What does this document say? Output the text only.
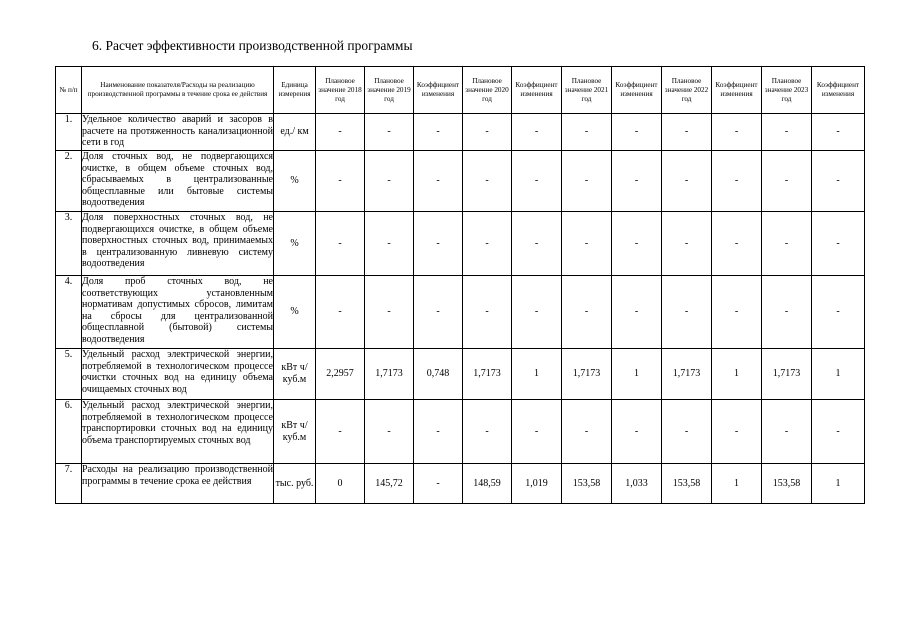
6. Расчет эффективности производственной программы
№ п/п	Наименование показателя/Расходы на реализацию производственной программы в течение срока ее действия	Единица измерения	Плановое значение 2018 год	Плановое значение 2019 год	Коэффициент изменения	Плановое значение 2020 год	Коэффициент изменения	Плановое значение 2021 год	Коэффициент изменения	Плановое значение 2022 год	Коэффициент изменения	Плановое значение 2023 год	Коэффициент изменения

1.	Удельное количество аварий и засоров в расчете на протяженность канализационной сети в год	ед./ км	-	-	-	-	-	-	-	-	-	-	-
2.	Доля сточных вод, не подвергающихся очистке, в общем объеме сточных вод, сбрасываемых в централизованные общесплавные или бытовые системы водоотведения	%	-	-	-	-	-	-	-	-	-	-	-
3.	Доля поверхностных сточных вод, не подвергающихся очистке, в общем объеме поверхностных сточных вод, принимаемых в централизованную ливневую систему водоотведения	%	-	-	-	-	-	-	-	-	-	-	-
4.	Доля проб сточных вод, не соответствующих установленным нормативам допустимых сбросов, лимитам на сбросы для централизованной общесплавной (бытовой) системы водоотведения	%	-	-	-	-	-	-	-	-	-	-	-
5.	Удельный расход электрической энергии, потребляемой в технологическом процессе очистки сточных вод на единицу объема очищаемых сточных вод	кВт ч/куб.м	2,2957	1,7173	0,748	1,7173	1	1,7173	1	1,7173	1	1,7173	1
6.	Удельный расход электрической энергии, потребляемой в технологическом процессе транспортировки сточных вод на единицу объема транспортируемых сточных вод	кВт ч/куб.м	-	-	-	-	-	-	-	-	-	-	-
7.	Расходы на реализацию производственной программы в течение срока ее действия	тыс. руб.	0	145,72	-	148,59	1,019	153,58	1,033	153,58	1	153,58	1
